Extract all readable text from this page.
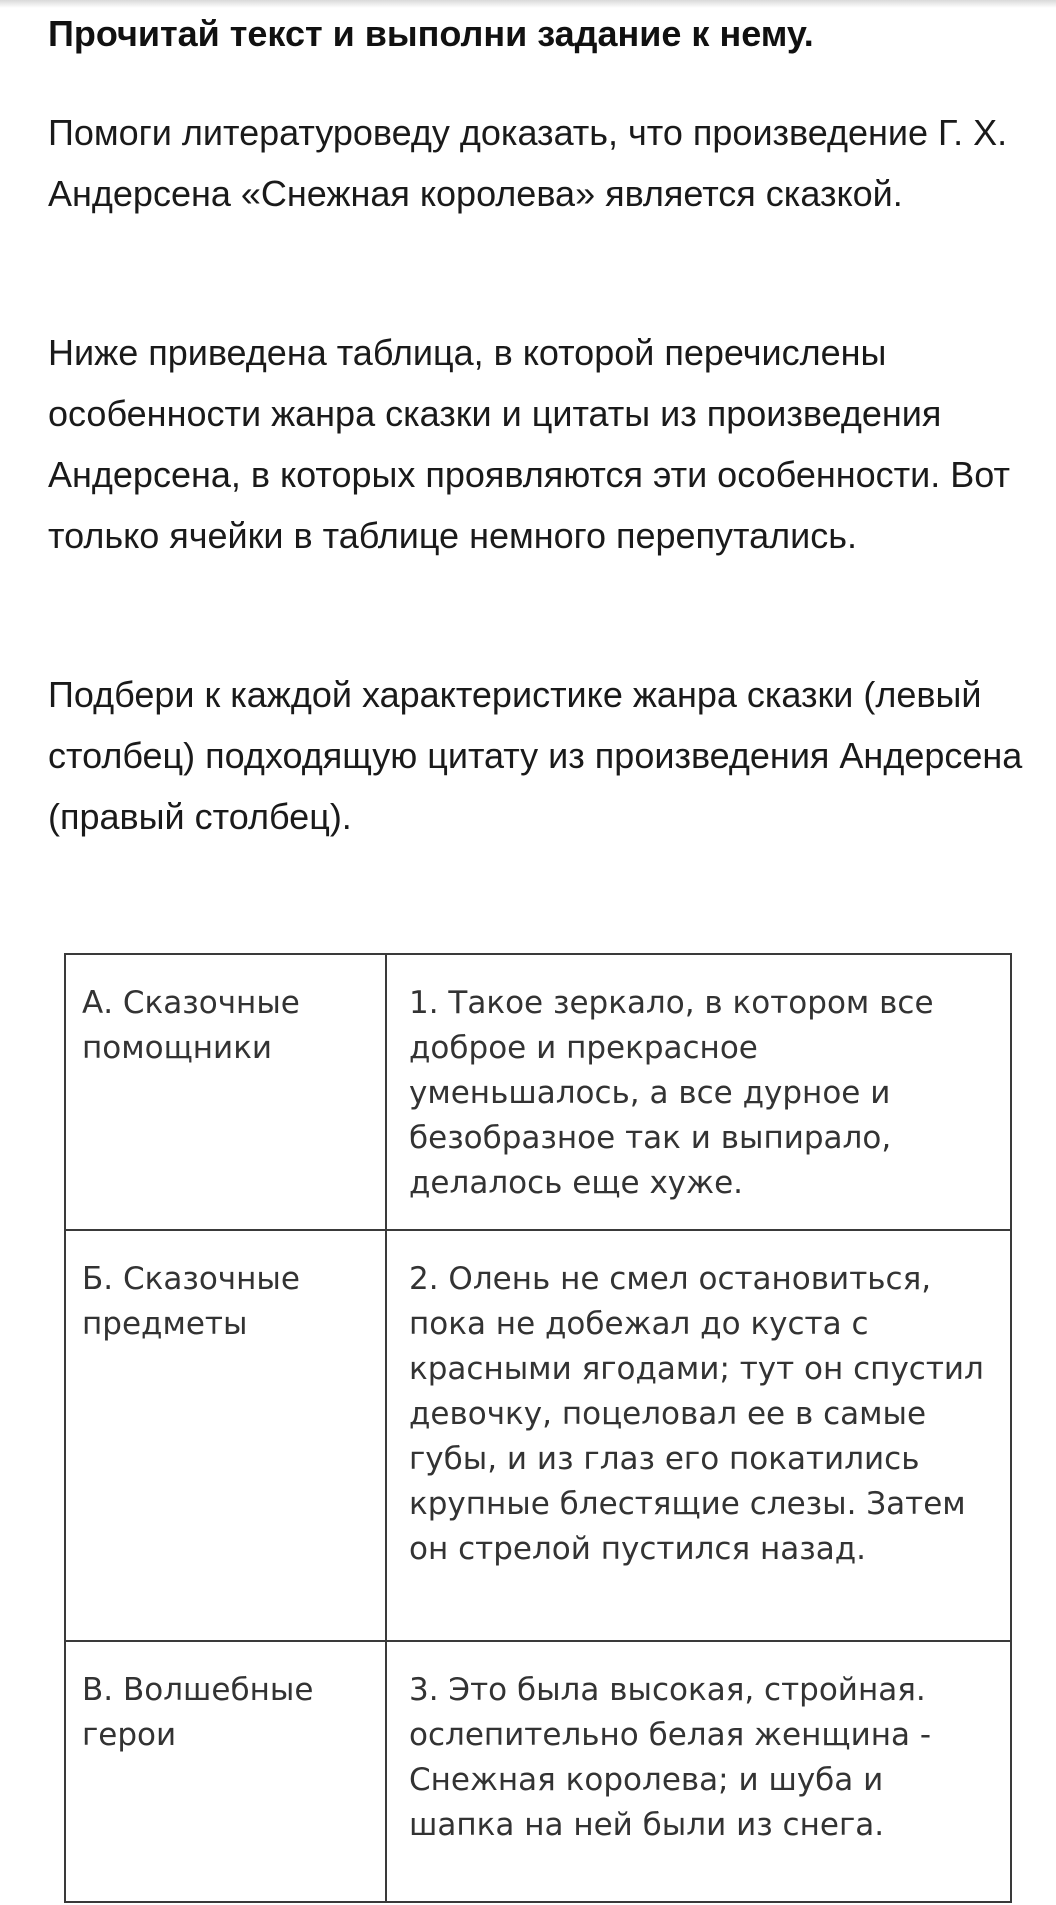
Прочитай текст и выполни задание к нему.

Помоги литературоведу доказать, что произведение Г. Х. Андерсена «Снежная королева» является сказкой.

Ниже приведена таблица, в которой перечислены особенности жанра сказки и цитаты из произведения Андерсена, в которых проявляются эти особенности. Вот только ячейки в таблице немного перепутались.

Подбери к каждой характеристике жанра сказки (левый столбец) подходящую цитату из произведения Андерсена (правый столбец).

А. Сказочные помощники	1. Такое зеркало, в котором все доброе и прекрасное уменьшалось, а все дурное и безобразное так и выпирало, делалось еще хуже.
Б. Сказочные предметы	2. Олень не смел остановиться, пока не добежал до куста с красными ягодами; тут он спустил девочку, поцеловал ее в самые губы, и из глаз его покатились крупные блестящие слезы. Затем он стрелой пустился назад.
В. Волшебные герои	3. Это была высокая, стройная. ослепительно белая женщина - Снежная королева; и шуба и шапка на ней были из снега.
